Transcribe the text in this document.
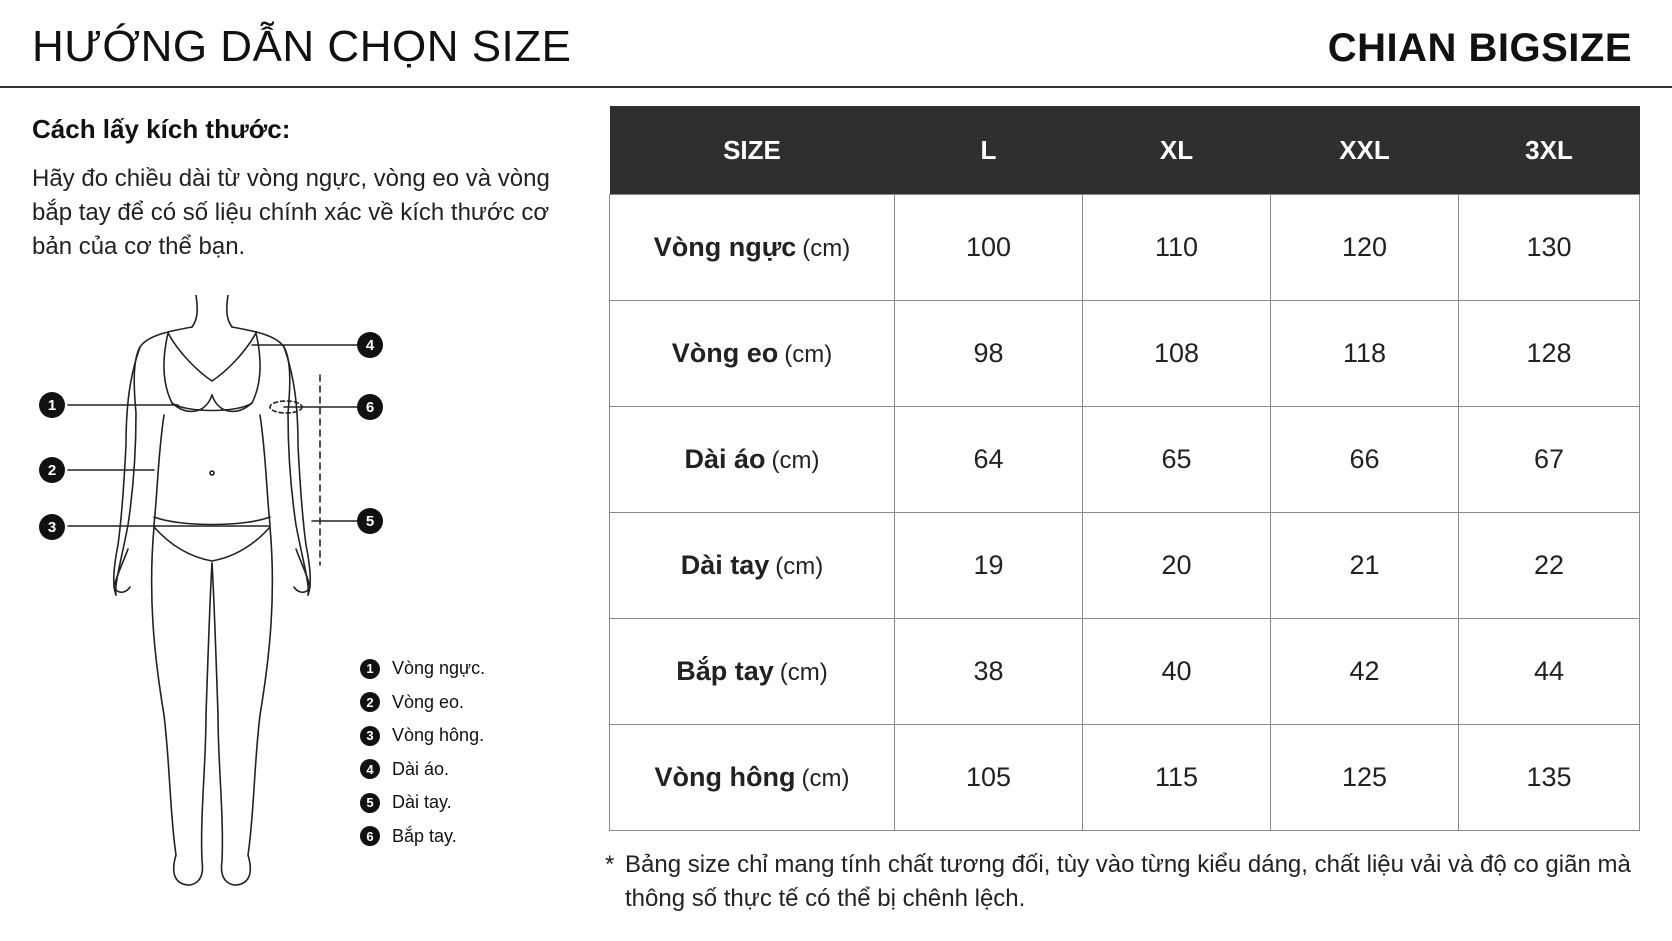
HƯỚNG DẪN CHỌN SIZE	CHIAN BIGSIZE
Cách lấy kích thước:
Hãy đo chiều dài từ vòng ngực, vòng eo và vòng bắp tay để có số liệu chính xác về kích thước cơ bản của cơ thể bạn.
1
2
3
4
5
6
1	Vòng ngực.
2	Vòng eo.
3	Vòng hông.
4	Dài áo.
5	Dài tay.
6	Bắp tay.
SIZE	L	XL	XXL	3XL
Vòng ngực (cm)	100	110	120	130
Vòng eo (cm)	98	108	118	128
Dài áo (cm)	64	65	66	67
Dài tay (cm)	19	20	21	22
Bắp tay (cm)	38	40	42	44
Vòng hông (cm)	105	115	125	135
* Bảng size chỉ mang tính chất tương đối, tùy vào từng kiểu dáng, chất liệu vải và độ co giãn mà thông số thực tế có thể bị chênh lệch.
